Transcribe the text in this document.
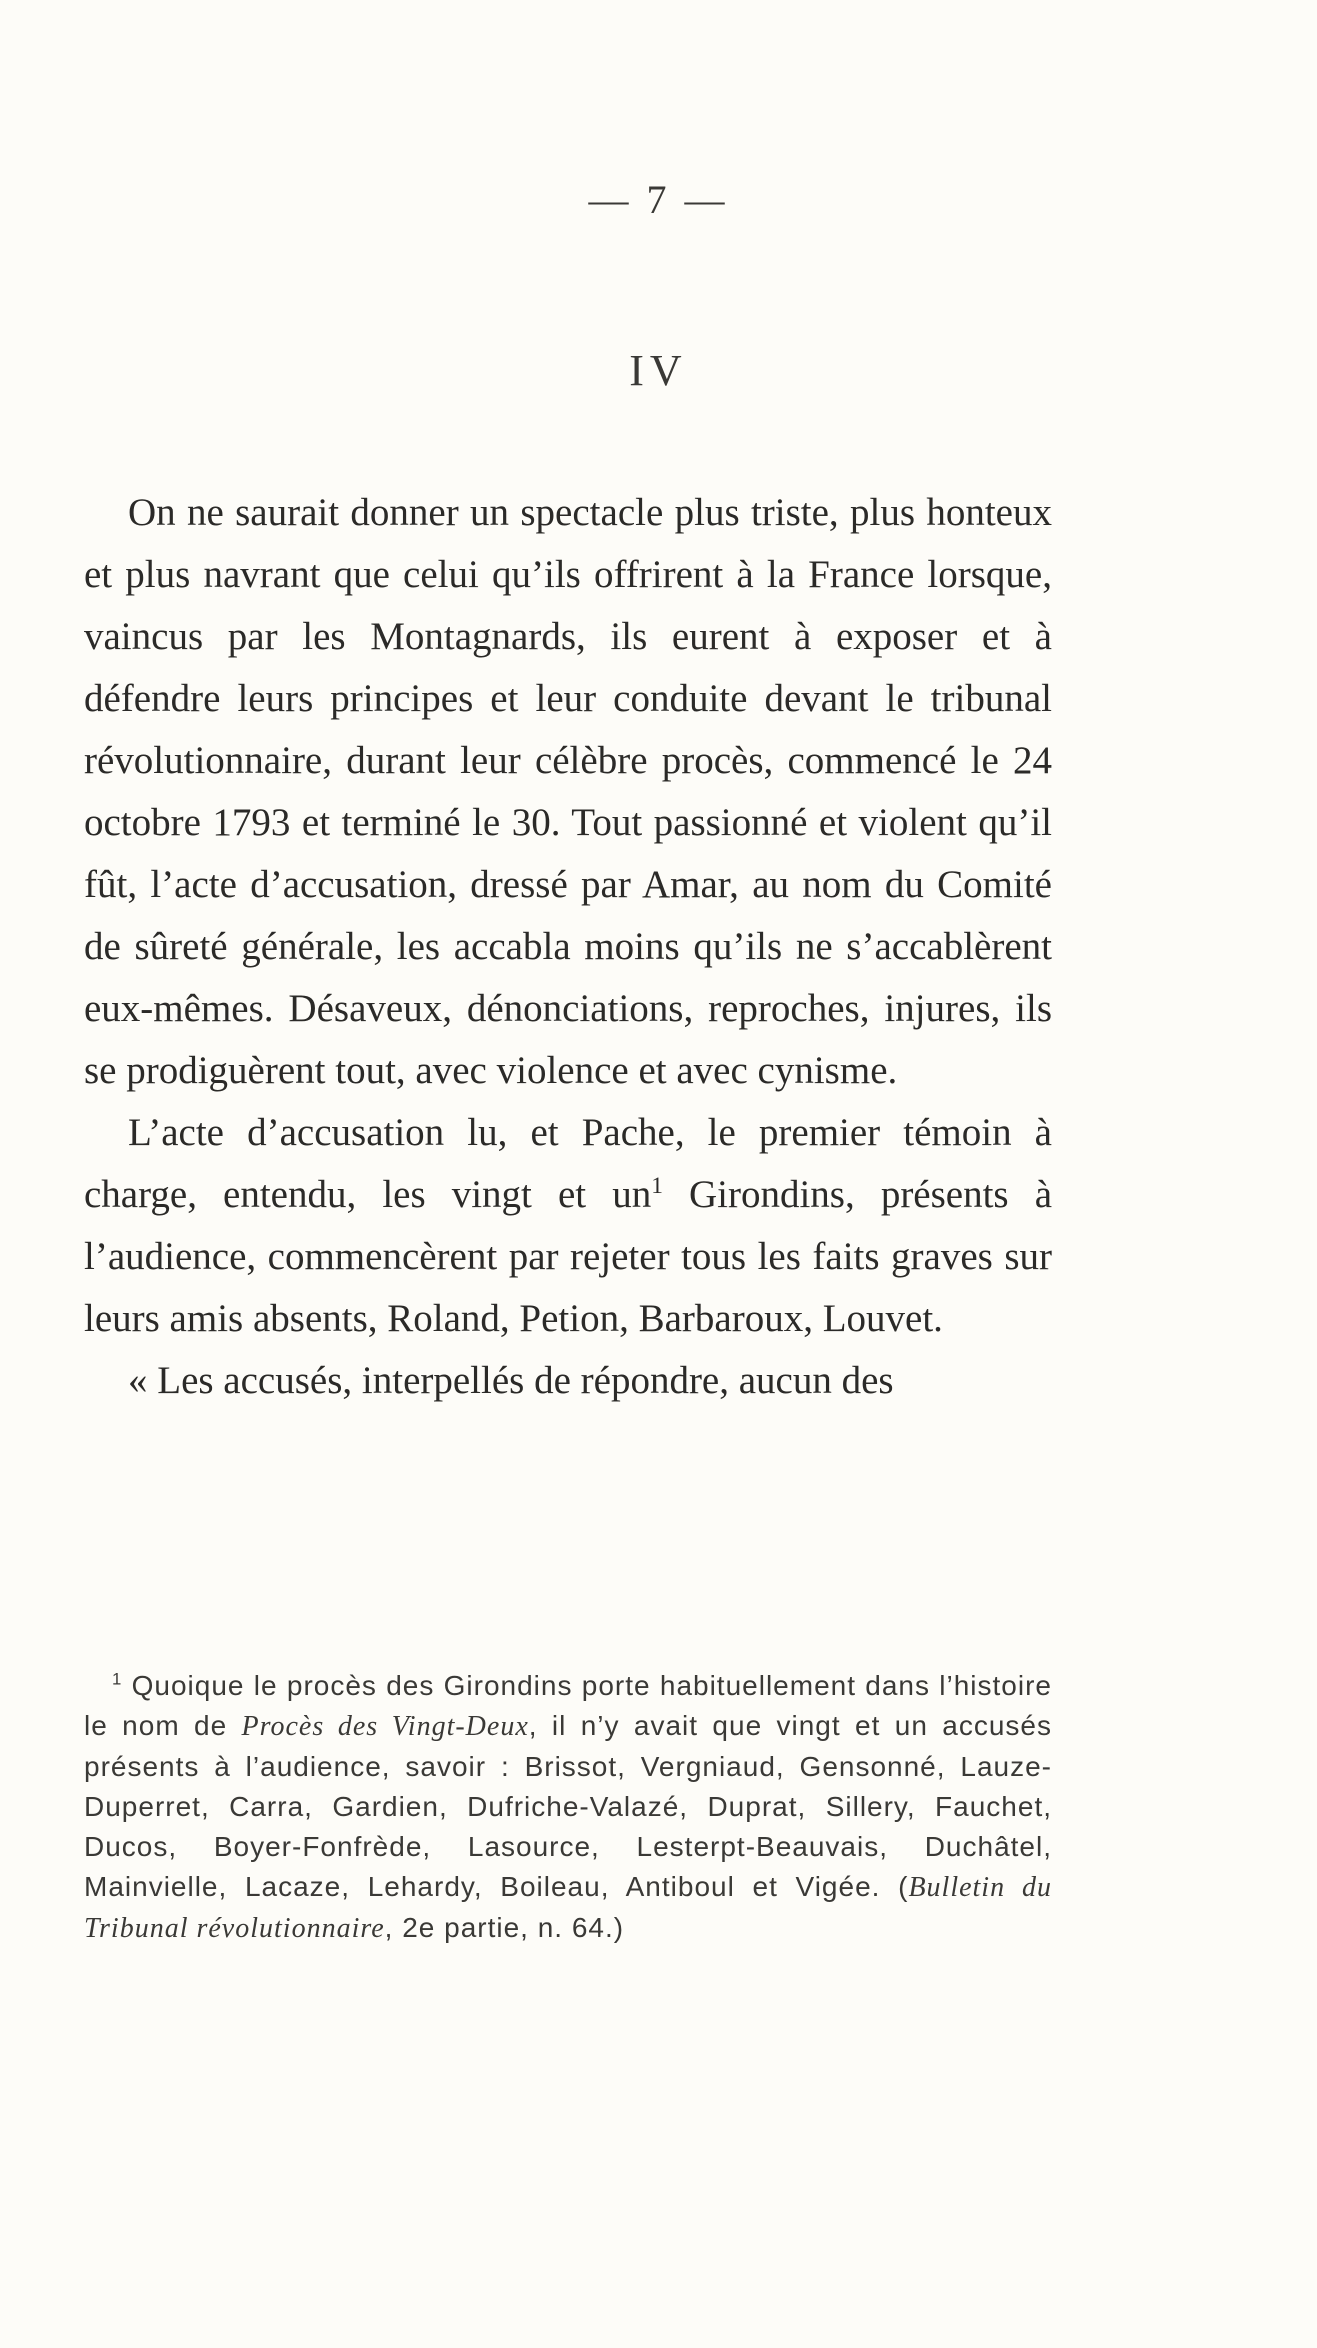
— 7 —
IV

On ne saurait donner un spectacle plus triste, plus honteux et plus navrant que celui qu’ils offrirent à la France lorsque, vaincus par les Montagnards, ils eurent à exposer et à défendre leurs principes et leur conduite devant le tribunal révolutionnaire, durant leur célèbre procès, commencé le 24 octobre 1793 et terminé le 30. Tout passionné et violent qu’il fût, l’acte d’accusation, dressé par Amar, au nom du Comité de sûreté générale, les accabla moins qu’ils ne s’accablèrent eux-mêmes. Désaveux, dénonciations, reproches, injures, ils se prodiguèrent tout, avec violence et avec cynisme.

L’acte d’accusation lu, et Pache, le premier témoin à charge, entendu, les vingt et $un^1$ Girondins, présents à l’audience, commencèrent par rejeter tous les faits graves sur leurs amis absents, Roland, Petion, Barbaroux, Louvet.

« Les accusés, interpellés de répondre, aucun des

$^1$ Quoique le procès des Girondins porte habituellement dans l’histoire le nom de Procès des Vingt-Deux, il n’y avait que vingt et un accusés présents à l’audience, savoir : Brissot, Vergniaud, Gensonné, Lauze-Duperret, Carra, Gardien, Dufriche-Valazé, Duprat, Sillery, Fauchet, Ducos, Boyer-Fonfrède, Lasource, Lesterpt-Beauvais, Duchâtel, Mainvielle, Lacaze, Lehardy, Boileau, Antiboul et Vigée. (Bulletin du Tribunal révolutionnaire, 2e partie, n. 64.)
